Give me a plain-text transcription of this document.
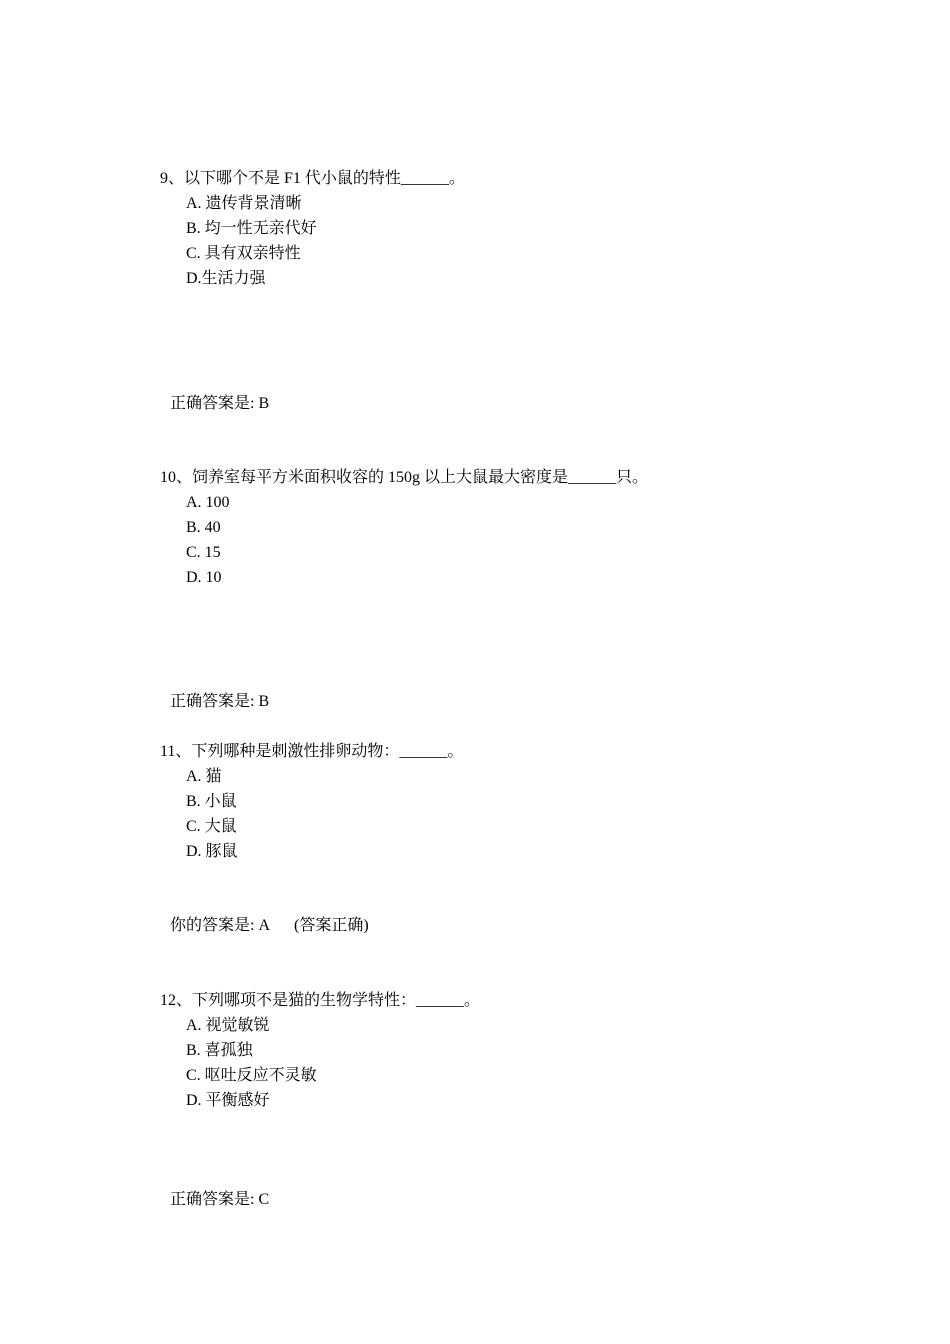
9、以下哪个不是 F1 代小鼠的特性______。
A. 遗传背景清晰
B. 均一性无亲代好
C. 具有双亲特性
D.生活力强
正确答案是: B
10、饲养室每平方米面积收容的 150g 以上大鼠最大密度是______只。
A. 100
B. 40
C. 15
D. 10
正确答案是: B
11、下列哪种是刺激性排卵动物：______。
A. 猫
B. 小鼠
C. 大鼠
D. 豚鼠
你的答案是: A (答案正确)
12、下列哪项不是猫的生物学特性：______。
A. 视觉敏锐
B. 喜孤独
C. 呕吐反应不灵敏
D. 平衡感好
正确答案是: C
